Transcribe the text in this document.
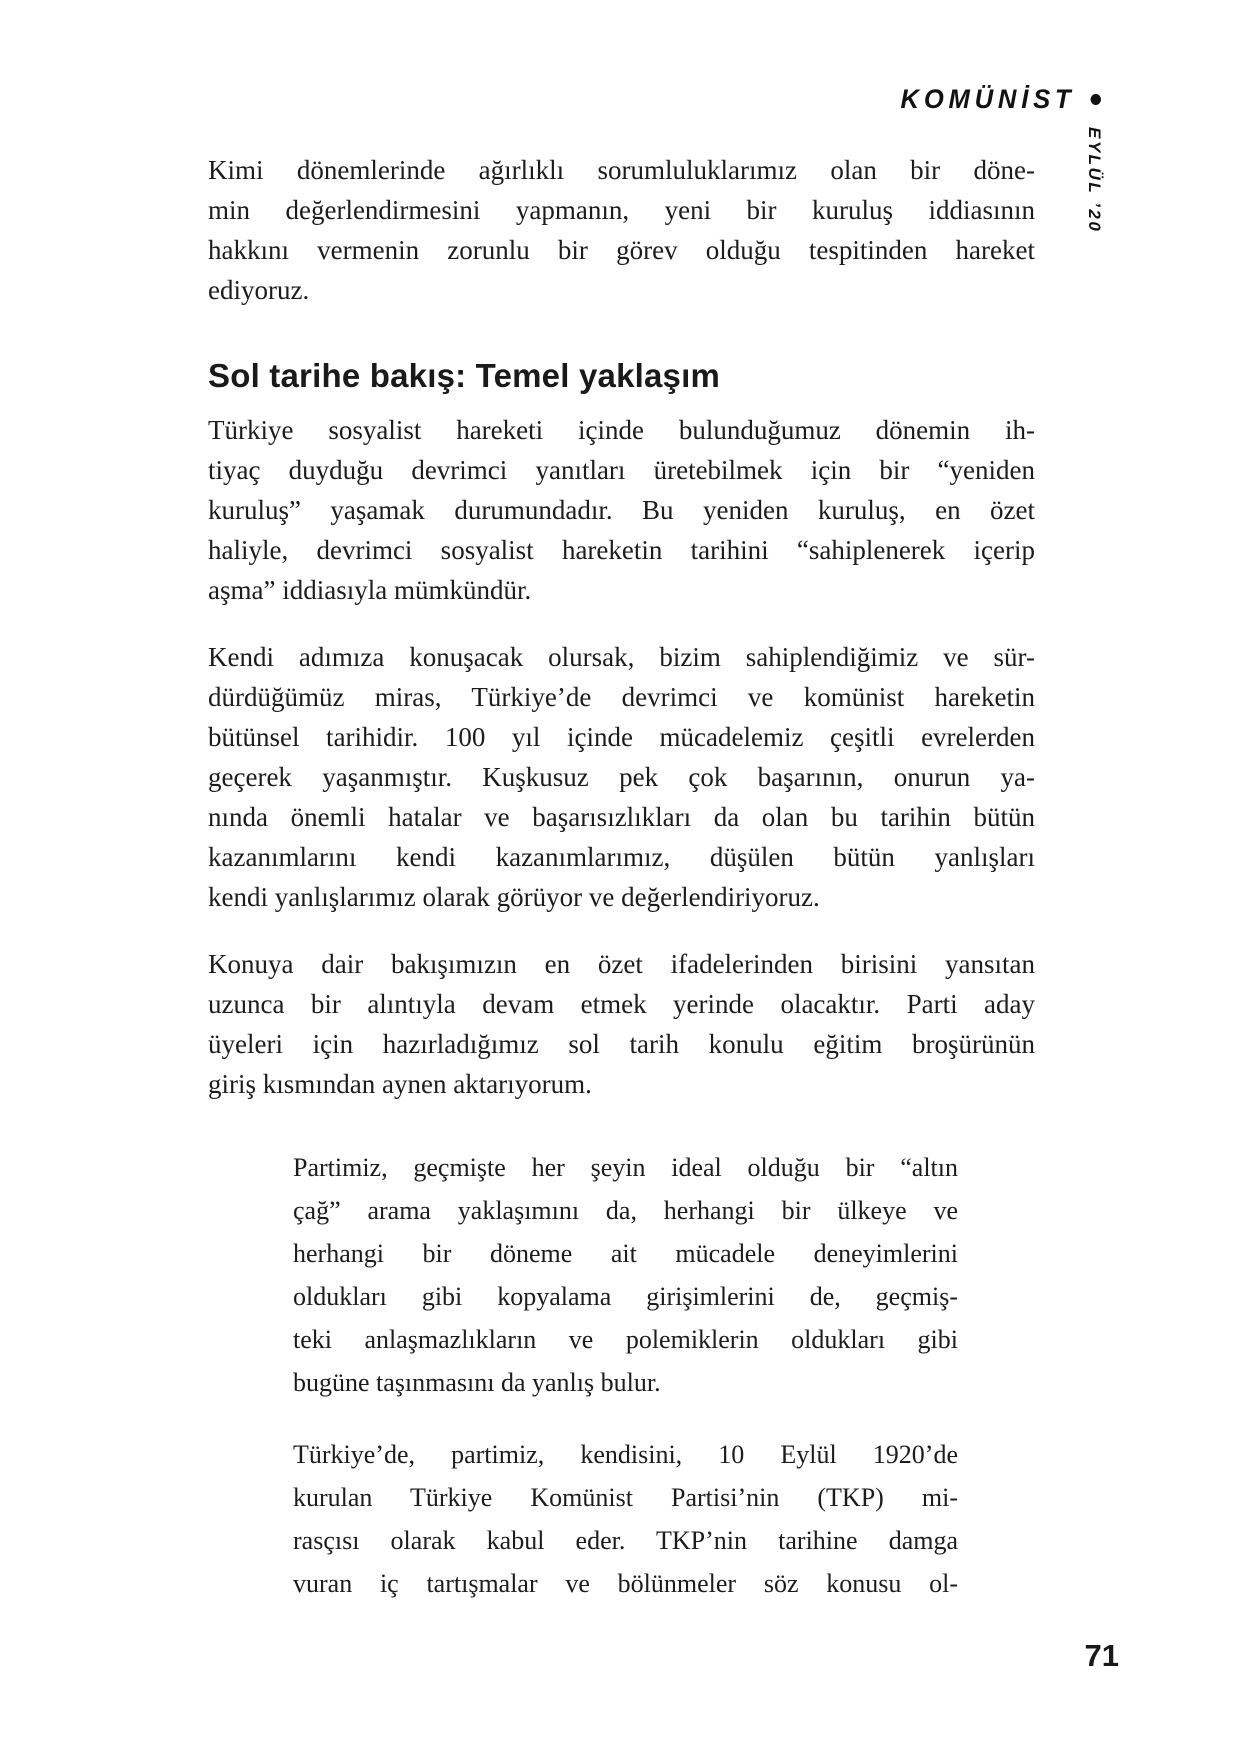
KOMÜNİST
EYLÜL ’20
Kimi dönemlerinde ağırlıklı sorumluluklarımız olan bir döne-
min değerlendirmesini yapmanın, yeni bir kuruluş iddiasının
hakkını vermenin zorunlu bir görev olduğu tespitinden hareket
ediyoruz.
Sol tarihe bakış: Temel yaklaşım
Türkiye sosyalist hareketi içinde bulunduğumuz dönemin ih-
tiyaç duyduğu devrimci yanıtları üretebilmek için bir “yeniden
kuruluş” yaşamak durumundadır. Bu yeniden kuruluş, en özet
haliyle, devrimci sosyalist hareketin tarihini “sahiplenerek içerip
aşma” iddiasıyla mümkündür.
Kendi adımıza konuşacak olursak, bizim sahiplendiğimiz ve sür-
dürdüğümüz miras, Türkiye’de devrimci ve komünist hareketin
bütünsel tarihidir. 100 yıl içinde mücadelemiz çeşitli evrelerden
geçerek yaşanmıştır. Kuşkusuz pek çok başarının, onurun ya-
nında önemli hatalar ve başarısızlıkları da olan bu tarihin bütün
kazanımlarını kendi kazanımlarımız, düşülen bütün yanlışları
kendi yanlışlarımız olarak görüyor ve değerlendiriyoruz.
Konuya dair bakışımızın en özet ifadelerinden birisini yansıtan
uzunca bir alıntıyla devam etmek yerinde olacaktır. Parti aday
üyeleri için hazırladığımız sol tarih konulu eğitim broşürünün
giriş kısmından aynen aktarıyorum.
Partimiz, geçmişte her şeyin ideal olduğu bir “altın
çağ” arama yaklaşımını da, herhangi bir ülkeye ve
herhangi bir döneme ait mücadele deneyimlerini
oldukları gibi kopyalama girişimlerini de, geçmiş-
teki anlaşmazlıkların ve polemiklerin oldukları gibi
bugüne taşınmasını da yanlış bulur.
Türkiye’de, partimiz, kendisini, 10 Eylül 1920’de
kurulan Türkiye Komünist Partisi’nin (TKP) mi-
rasçısı olarak kabul eder. TKP’nin tarihine damga
vuran iç tartışmalar ve bölünmeler söz konusu ol-
71
